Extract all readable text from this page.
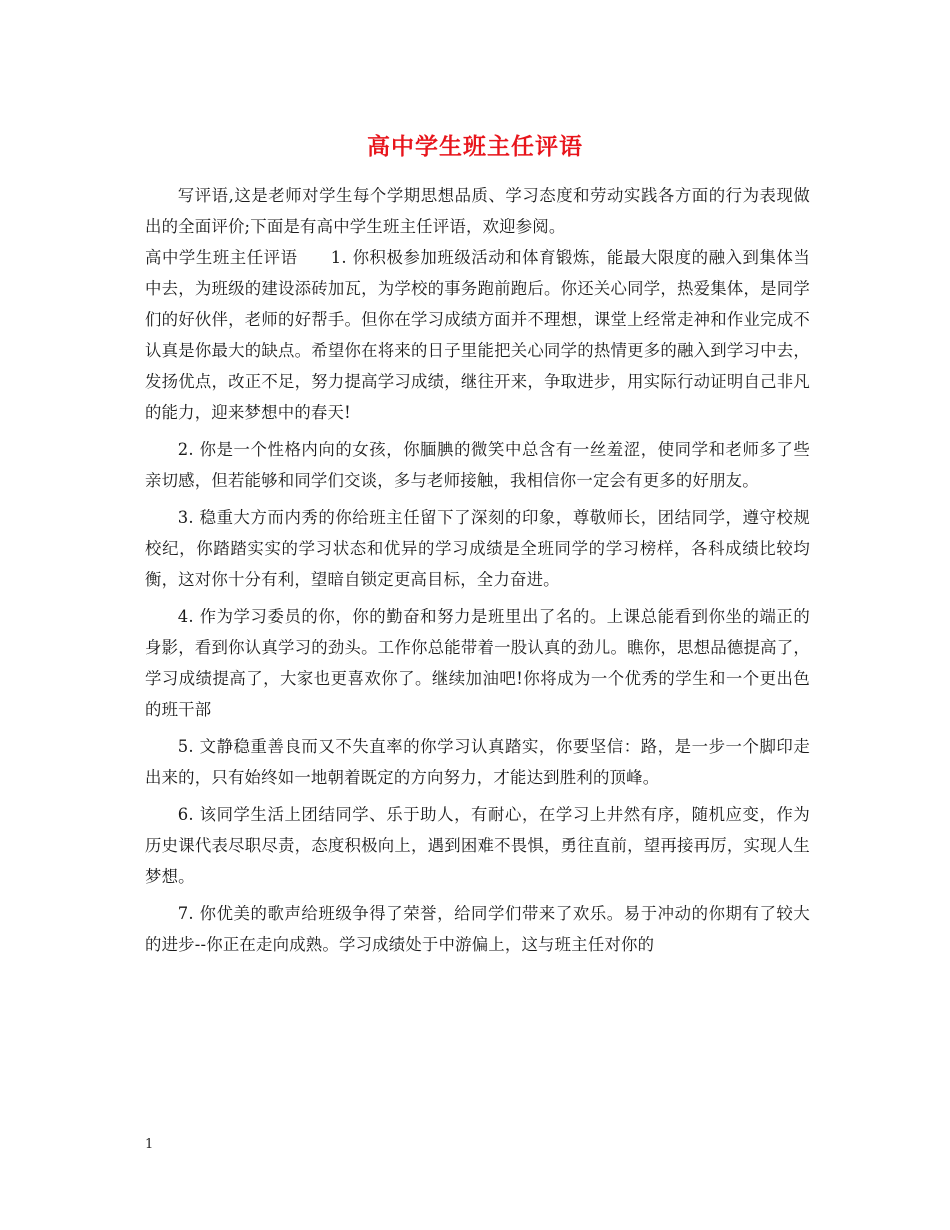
高中学生班主任评语

写评语,这是老师对学生每个学期思想品质、学习态度和劳动实践各方面的行为表现做出的全面评价;下面是有高中学生班主任评语，欢迎参阅。

高中学生班主任评语   1. 你积极参加班级活动和体育锻炼，能最大限度的融入到集体当中去，为班级的建设添砖加瓦，为学校的事务跑前跑后。你还关心同学，热爱集体，是同学们的好伙伴，老师的好帮手。但你在学习成绩方面并不理想，课堂上经常走神和作业完成不认真是你最大的缺点。希望你在将来的日子里能把关心同学的热情更多的融入到学习中去，发扬优点，改正不足，努力提高学习成绩，继往开来，争取进步，用实际行动证明自己非凡的能力，迎来梦想中的春天!

2. 你是一个性格内向的女孩，你腼腆的微笑中总含有一丝羞涩，使同学和老师多了些亲切感，但若能够和同学们交谈，多与老师接触，我相信你一定会有更多的好朋友。

3. 稳重大方而内秀的你给班主任留下了深刻的印象，尊敬师长，团结同学，遵守校规校纪，你踏踏实实的学习状态和优异的学习成绩是全班同学的学习榜样，各科成绩比较均衡，这对你十分有利，望暗自锁定更高目标，全力奋进。

4. 作为学习委员的你，你的勤奋和努力是班里出了名的。上课总能看到你坐的端正的身影，看到你认真学习的劲头。工作你总能带着一股认真的劲儿。瞧你，思想品德提高了，学习成绩提高了，大家也更喜欢你了。继续加油吧!你将成为一个优秀的学生和一个更出色的班干部

5. 文静稳重善良而又不失直率的你学习认真踏实，你要坚信：路，是一步一个脚印走出来的，只有始终如一地朝着既定的方向努力，才能达到胜利的顶峰。

6. 该同学生活上团结同学、乐于助人，有耐心，在学习上井然有序，随机应变，作为历史课代表尽职尽责，态度积极向上，遇到困难不畏惧，勇往直前，望再接再厉，实现人生梦想。

7. 你优美的歌声给班级争得了荣誉，给同学们带来了欢乐。易于冲动的你期有了较大的进步--你正在走向成熟。学习成绩处于中游偏上，这与班主任对你的

1
